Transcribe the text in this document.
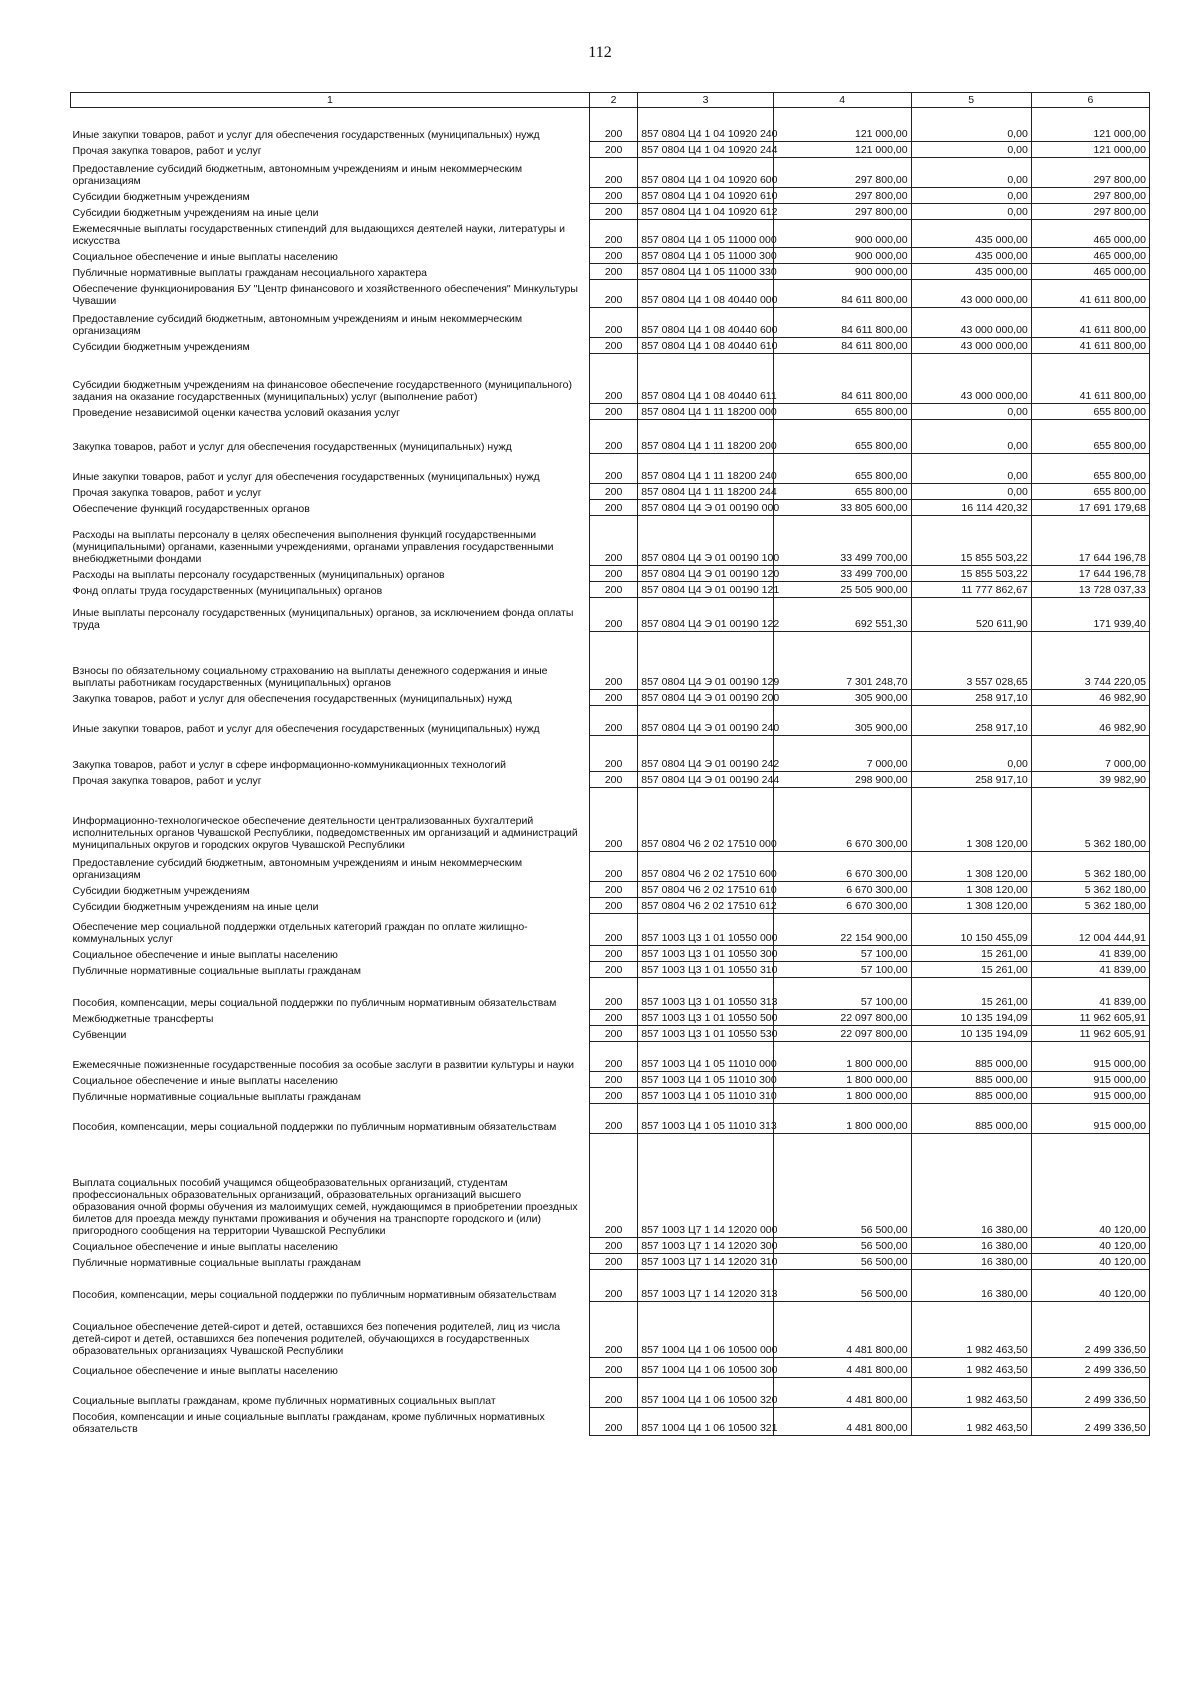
112
1	2	3	4	5	6
Иные закупки товаров, работ и услуг для обеспечения государственных (муниципальных) нужд	200	857 0804 Ц4 1 04 10920 240	121 000,00	0,00	121 000,00
Прочая закупка товаров, работ и услуг	200	857 0804 Ц4 1 04 10920 244	121 000,00	0,00	121 000,00
Предоставление субсидий бюджетным, автономным учреждениям и иным некоммерческим организациям	200	857 0804 Ц4 1 04 10920 600	297 800,00	0,00	297 800,00
Субсидии бюджетным учреждениям	200	857 0804 Ц4 1 04 10920 610	297 800,00	0,00	297 800,00
Субсидии бюджетным учреждениям на иные цели	200	857 0804 Ц4 1 04 10920 612	297 800,00	0,00	297 800,00
Ежемесячные выплаты государственных стипендий для выдающихся деятелей науки, литературы и искусства	200	857 0804 Ц4 1 05 11000 000	900 000,00	435 000,00	465 000,00
Социальное обеспечение и иные выплаты населению	200	857 0804 Ц4 1 05 11000 300	900 000,00	435 000,00	465 000,00
Публичные нормативные выплаты гражданам несоциального характера	200	857 0804 Ц4 1 05 11000 330	900 000,00	435 000,00	465 000,00
Обеспечение функционирования БУ "Центр финансового и хозяйственного обеспечения" Минкультуры Чувашии	200	857 0804 Ц4 1 08 40440 000	84 611 800,00	43 000 000,00	41 611 800,00
Предоставление субсидий бюджетным, автономным учреждениям и иным некоммерческим организациям	200	857 0804 Ц4 1 08 40440 600	84 611 800,00	43 000 000,00	41 611 800,00
Субсидии бюджетным учреждениям	200	857 0804 Ц4 1 08 40440 610	84 611 800,00	43 000 000,00	41 611 800,00
Субсидии бюджетным учреждениям на финансовое обеспечение государственного (муниципального) задания на оказание государственных (муниципальных) услуг (выполнение работ)	200	857 0804 Ц4 1 08 40440 611	84 611 800,00	43 000 000,00	41 611 800,00
Проведение независимой оценки качества условий оказания услуг	200	857 0804 Ц4 1 11 18200 000	655 800,00	0,00	655 800,00
Закупка товаров, работ и услуг для обеспечения государственных (муниципальных) нужд	200	857 0804 Ц4 1 11 18200 200	655 800,00	0,00	655 800,00
Иные закупки товаров, работ и услуг для обеспечения государственных (муниципальных) нужд	200	857 0804 Ц4 1 11 18200 240	655 800,00	0,00	655 800,00
Прочая закупка товаров, работ и услуг	200	857 0804 Ц4 1 11 18200 244	655 800,00	0,00	655 800,00
Обеспечение функций государственных органов	200	857 0804 Ц4 Э 01 00190 000	33 805 600,00	16 114 420,32	17 691 179,68
Расходы на выплаты персоналу в целях обеспечения выполнения функций государственными (муниципальными) органами, казенными учреждениями, органами управления государственными внебюджетными фондами	200	857 0804 Ц4 Э 01 00190 100	33 499 700,00	15 855 503,22	17 644 196,78
Расходы на выплаты персоналу государственных (муниципальных) органов	200	857 0804 Ц4 Э 01 00190 120	33 499 700,00	15 855 503,22	17 644 196,78
Фонд оплаты труда государственных (муниципальных) органов	200	857 0804 Ц4 Э 01 00190 121	25 505 900,00	11 777 862,67	13 728 037,33
Иные выплаты персоналу государственных (муниципальных) органов, за исключением фонда оплаты труда	200	857 0804 Ц4 Э 01 00190 122	692 551,30	520 611,90	171 939,40
Взносы по обязательному социальному страхованию на выплаты денежного содержания и иные выплаты работникам государственных (муниципальных) органов	200	857 0804 Ц4 Э 01 00190 129	7 301 248,70	3 557 028,65	3 744 220,05
Закупка товаров, работ и услуг для обеспечения государственных (муниципальных) нужд	200	857 0804 Ц4 Э 01 00190 200	305 900,00	258 917,10	46 982,90
Иные закупки товаров, работ и услуг для обеспечения государственных (муниципальных) нужд	200	857 0804 Ц4 Э 01 00190 240	305 900,00	258 917,10	46 982,90
Закупка товаров, работ и услуг в сфере информационно-коммуникационных технологий	200	857 0804 Ц4 Э 01 00190 242	7 000,00	0,00	7 000,00
Прочая закупка товаров, работ и услуг	200	857 0804 Ц4 Э 01 00190 244	298 900,00	258 917,10	39 982,90
Информационно-технологическое обеспечение деятельности централизованных бухгалтерий исполнительных органов Чувашской Республики, подведомственных им организаций и администраций муниципальных округов и городских округов Чувашской Республики	200	857 0804 Ч6 2 02 17510 000	6 670 300,00	1 308 120,00	5 362 180,00
Предоставление субсидий бюджетным, автономным учреждениям и иным некоммерческим организациям	200	857 0804 Ч6 2 02 17510 600	6 670 300,00	1 308 120,00	5 362 180,00
Субсидии бюджетным учреждениям	200	857 0804 Ч6 2 02 17510 610	6 670 300,00	1 308 120,00	5 362 180,00
Субсидии бюджетным учреждениям на иные цели	200	857 0804 Ч6 2 02 17510 612	6 670 300,00	1 308 120,00	5 362 180,00
Обеспечение мер социальной поддержки отдельных категорий граждан по оплате жилищно-коммунальных услуг	200	857 1003 Ц3 1 01 10550 000	22 154 900,00	10 150 455,09	12 004 444,91
Социальное обеспечение и иные выплаты населению	200	857 1003 Ц3 1 01 10550 300	57 100,00	15 261,00	41 839,00
Публичные нормативные социальные выплаты гражданам	200	857 1003 Ц3 1 01 10550 310	57 100,00	15 261,00	41 839,00
Пособия, компенсации, меры социальной поддержки по публичным нормативным обязательствам	200	857 1003 Ц3 1 01 10550 313	57 100,00	15 261,00	41 839,00
Межбюджетные трансферты	200	857 1003 Ц3 1 01 10550 500	22 097 800,00	10 135 194,09	11 962 605,91
Субвенции	200	857 1003 Ц3 1 01 10550 530	22 097 800,00	10 135 194,09	11 962 605,91
Ежемесячные пожизненные государственные пособия за особые заслуги в развитии культуры и науки	200	857 1003 Ц4 1 05 11010 000	1 800 000,00	885 000,00	915 000,00
Социальное обеспечение и иные выплаты населению	200	857 1003 Ц4 1 05 11010 300	1 800 000,00	885 000,00	915 000,00
Публичные нормативные социальные выплаты гражданам	200	857 1003 Ц4 1 05 11010 310	1 800 000,00	885 000,00	915 000,00
Пособия, компенсации, меры социальной поддержки по публичным нормативным обязательствам	200	857 1003 Ц4 1 05 11010 313	1 800 000,00	885 000,00	915 000,00
Выплата социальных пособий учащимся общеобразовательных организаций, студентам профессиональных образовательных организаций, образовательных организаций высшего образования очной формы обучения из малоимущих семей, нуждающимся в приобретении проездных билетов для проезда между пунктами проживания и обучения на транспорте городского и (или) пригородного сообщения на территории Чувашской Республики	200	857 1003 Ц7 1 14 12020 000	56 500,00	16 380,00	40 120,00
Социальное обеспечение и иные выплаты населению	200	857 1003 Ц7 1 14 12020 300	56 500,00	16 380,00	40 120,00
Публичные нормативные социальные выплаты гражданам	200	857 1003 Ц7 1 14 12020 310	56 500,00	16 380,00	40 120,00
Пособия, компенсации, меры социальной поддержки по публичным нормативным обязательствам	200	857 1003 Ц7 1 14 12020 313	56 500,00	16 380,00	40 120,00
Социальное обеспечение детей-сирот и детей, оставшихся без попечения родителей, лиц из числа детей-сирот и детей, оставшихся без попечения родителей, обучающихся в государственных образовательных организациях Чувашской Республики	200	857 1004 Ц4 1 06 10500 000	4 481 800,00	1 982 463,50	2 499 336,50
Социальное обеспечение и иные выплаты населению	200	857 1004 Ц4 1 06 10500 300	4 481 800,00	1 982 463,50	2 499 336,50
Социальные выплаты гражданам, кроме публичных нормативных социальных выплат	200	857 1004 Ц4 1 06 10500 320	4 481 800,00	1 982 463,50	2 499 336,50
Пособия, компенсации и иные социальные выплаты гражданам, кроме публичных нормативных обязательств	200	857 1004 Ц4 1 06 10500 321	4 481 800,00	1 982 463,50	2 499 336,50
